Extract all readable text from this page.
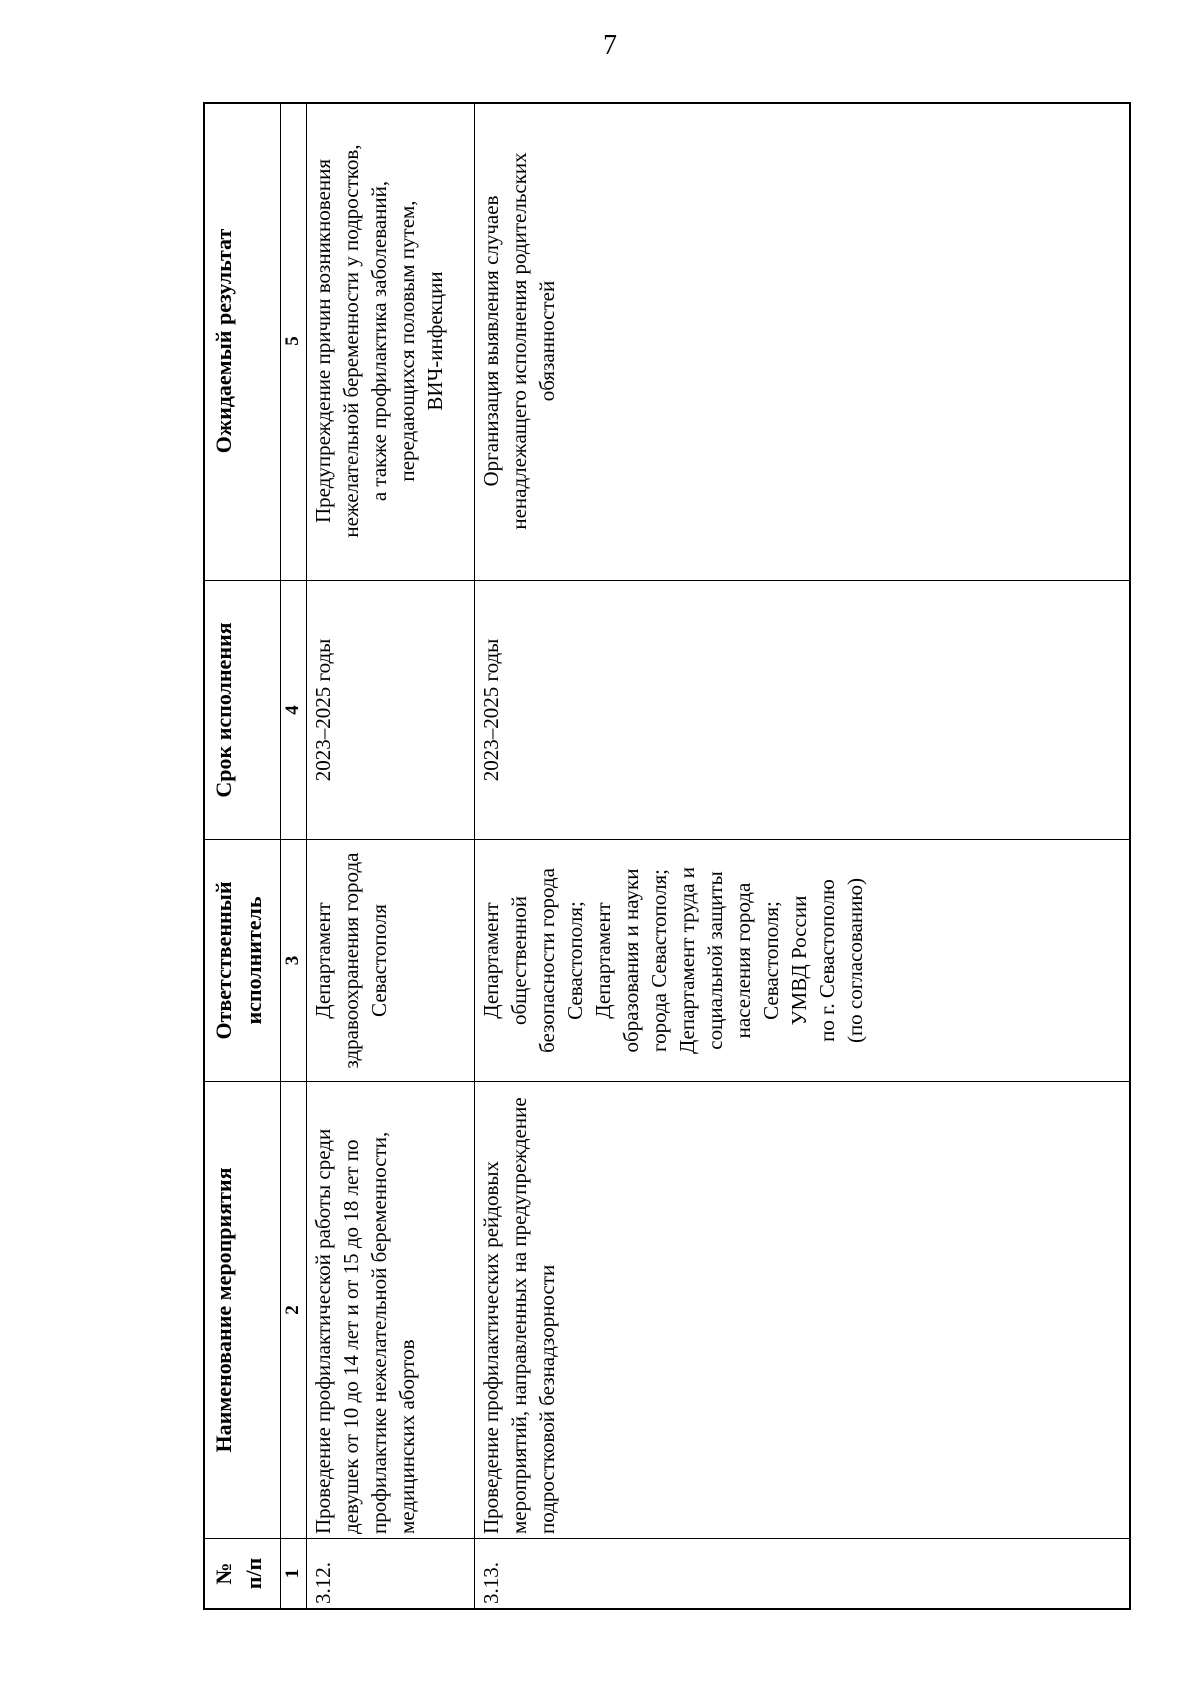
7
№
п/п
Наименование мероприятия
Ответственный
исполнитель
Срок исполнения
Ожидаемый результат
1
2
3
4
5
3.12.
Проведение профилактической работы среди девушек от 10 до 14 лет и от 15 до 18 лет по профилактике нежелательной беременности, медицинских абортов
Департамент
здравоохранения города
Севастополя
2023–2025 годы
Предупреждение причин возникновения нежелательной беременности у подростков,
а также профилактика заболеваний,
передающихся половым путем,
ВИЧ-инфекции
3.13.
Проведение профилактических рейдовых мероприятий, направленных на предупреждение подростковой безнадзорности
Департамент
общественной
безопасности города
Севастополя;
Департамент
образования и науки
города Севастополя;
Департамент труда и
социальной защиты
населения города
Севастополя;
УМВД России
по г. Севастополю
(по согласованию)
2023–2025 годы
Организация выявления случаев
ненадлежащего исполнения родительских
обязанностей
